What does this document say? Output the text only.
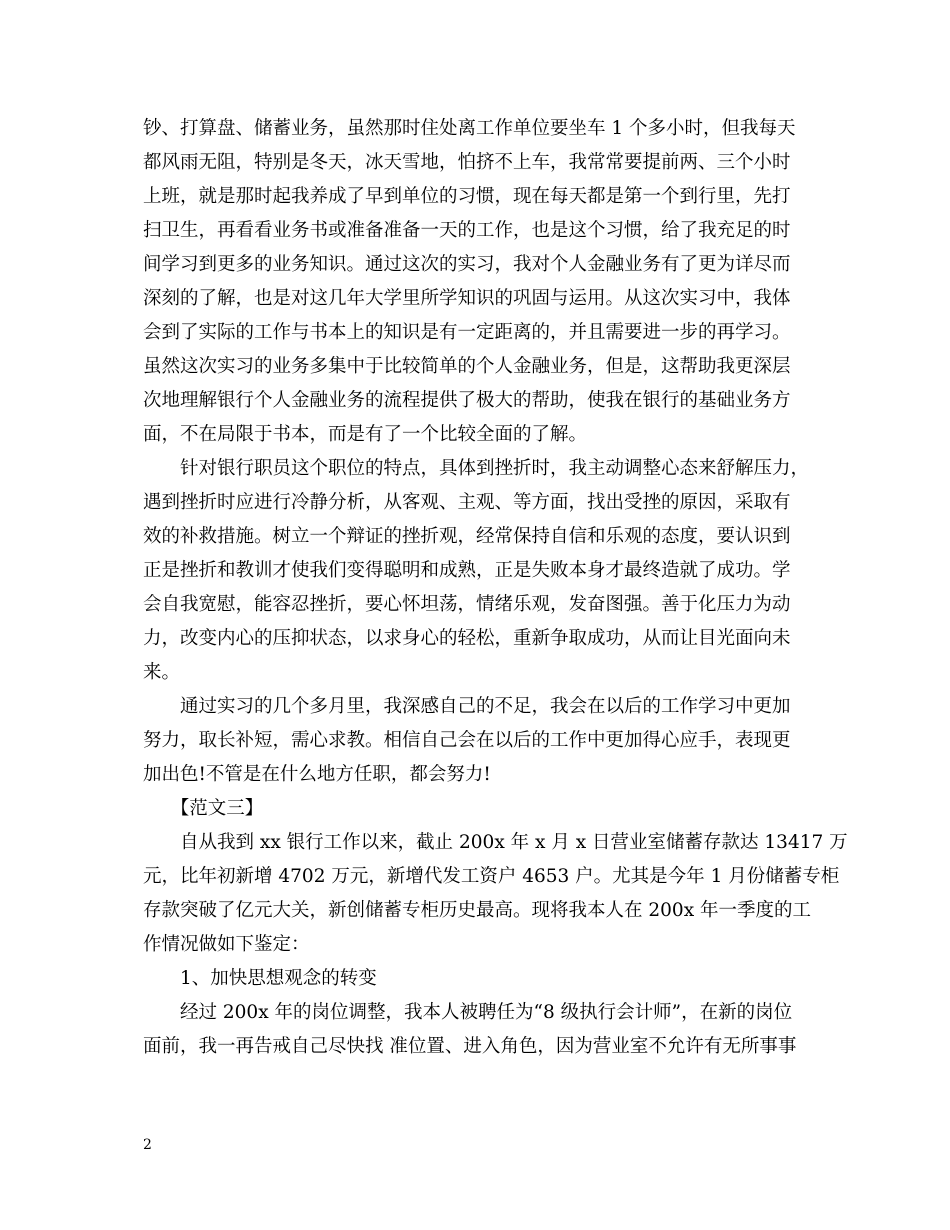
钞、打算盘、储蓄业务，虽然那时住处离工作单位要坐车 1 个多小时，但我每天
都风雨无阻，特别是冬天，冰天雪地，怕挤不上车，我常常要提前两、三个小时
上班，就是那时起我养成了早到单位的习惯，现在每天都是第一个到行里，先打
扫卫生，再看看业务书或准备准备一天的工作，也是这个习惯，给了我充足的时
间学习到更多的业务知识。通过这次的实习，我对个人金融业务有了更为详尽而
深刻的了解，也是对这几年大学里所学知识的巩固与运用。从这次实习中，我体
会到了实际的工作与书本上的知识是有一定距离的，并且需要进一步的再学习。
虽然这次实习的业务多集中于比较简单的个人金融业务，但是，这帮助我更深层
次地理解银行个人金融业务的流程提供了极大的帮助，使我在银行的基础业务方
面，不在局限于书本，而是有了一个比较全面的了解。
　　针对银行职员这个职位的特点，具体到挫折时，我主动调整心态来舒解压力，
遇到挫折时应进行冷静分析，从客观、主观、等方面，找出受挫的原因，采取有
效的补救措施。树立一个辩证的挫折观，经常保持自信和乐观的态度，要认识到
正是挫折和教训才使我们变得聪明和成熟，正是失败本身才最终造就了成功。学
会自我宽慰，能容忍挫折，要心怀坦荡，情绪乐观，发奋图强。善于化压力为动
力，改变内心的压抑状态，以求身心的轻松，重新争取成功，从而让目光面向未
来。
　　通过实习的几个多月里，我深感自己的不足，我会在以后的工作学习中更加
努力，取长补短，需心求教。相信自己会在以后的工作中更加得心应手，表现更
加出色!不管是在什么地方任职，都会努力!
　　【范文三】
　　自从我到 xx 银行工作以来，截止 200x 年 x 月 x 日营业室储蓄存款达 13417 万
元，比年初新增 4702 万元，新增代发工资户 4653 户。尤其是今年 1 月份储蓄专柜
存款突破了亿元大关，新创储蓄专柜历史最高。现将我本人在 200x 年一季度的工
作情况做如下鉴定：
　　1、加快思想观念的转变
　　经过 200x 年的岗位调整，我本人被聘任为“8 级执行会计师”，在新的岗位
面前，我一再告戒自己尽快找 准位置、进入角色，因为营业室不允许有无所事事
2
